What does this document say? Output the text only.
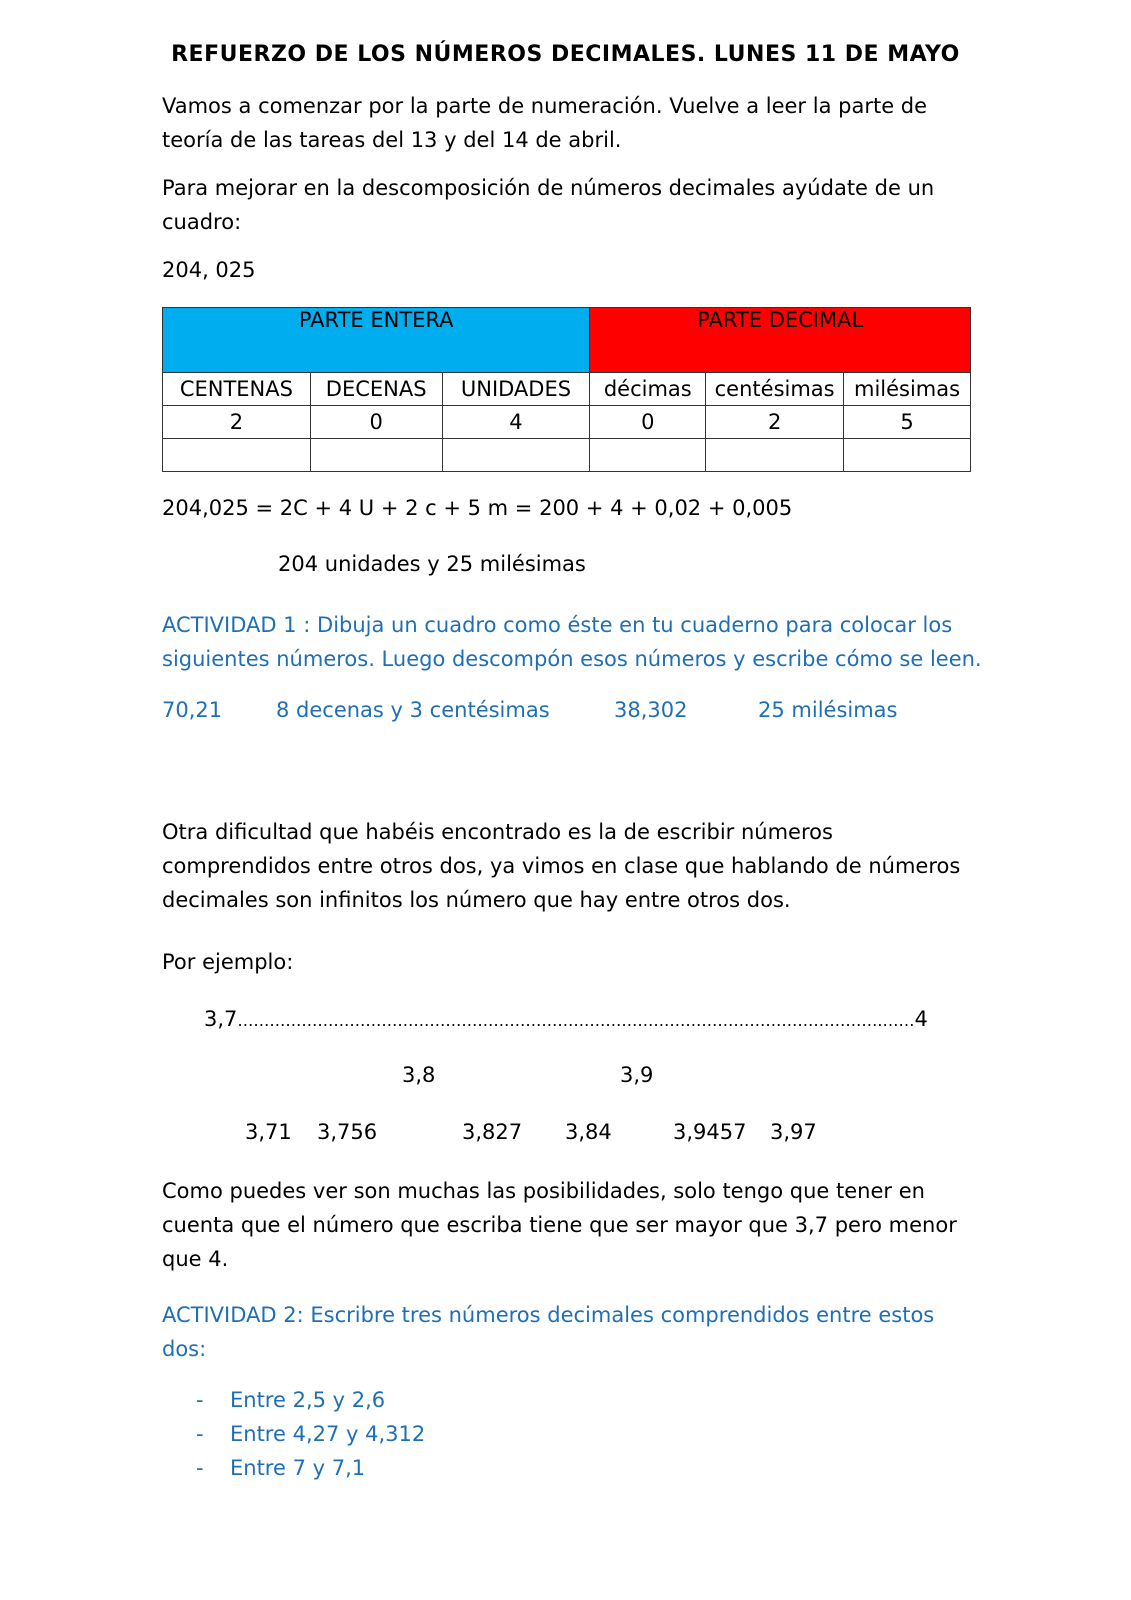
REFUERZO DE LOS NÚMEROS DECIMALES. LUNES 11 DE MAYO
Vamos a comenzar por la parte de numeración. Vuelve a leer la parte de teoría de las tareas del 13 y del 14 de abril.
Para mejorar en la descomposición de números decimales ayúdate de un cuadro:
204, 025
PARTE ENTERA			PARTE DECIMAL		
CENTENAS	DECENAS	UNIDADES	décimas	centésimas	milésimas
2	0	4	0	2	5

204,025 = 2C + 4 U + 2 c + 5 m = 200 + 4 + 0,02 + 0,005
204 unidades y 25 milésimas
ACTIVIDAD 1 : Dibuja un cuadro como éste en tu cuaderno para colocar los siguientes números. Luego descompón esos números y escribe cómo se leen.
70,21	8 decenas y 3 centésimas	38,302	25 milésimas
Otra dificultad que habéis encontrado es la de escribir números comprendidos entre otros dos, ya vimos en clase que hablando de números decimales son infinitos los número que hay entre otros dos.
Por ejemplo:
3,7………………………………………………………………………………………………………….……4
3,8	3,9
3,71 3,756	3,827 3,84	3,9457 3,97
Como puedes ver son muchas las posibilidades, solo tengo que tener en cuenta que el número que escriba tiene que ser mayor que 3,7 pero menor que 4.
ACTIVIDAD 2: Escribre tres números decimales comprendidos entre estos dos:
- Entre 2,5 y 2,6
- Entre 4,27 y 4,312
- Entre 7 y 7,1
